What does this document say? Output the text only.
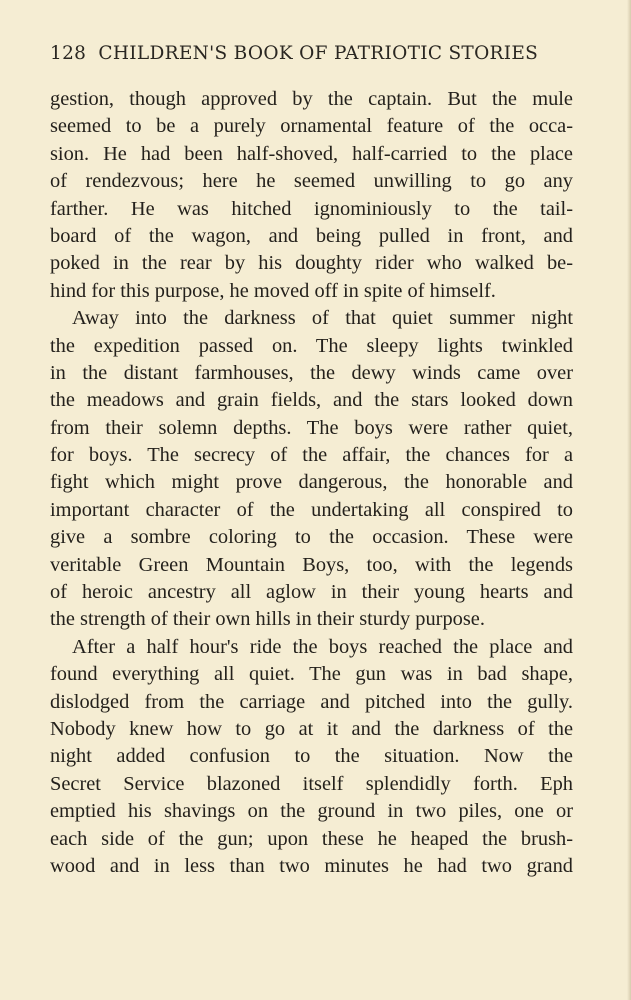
128 CHILDREN'S BOOK OF PATRIOTIC STORIES
gestion, though approved by the captain. But the mule
seemed to be a purely ornamental feature of the occa-
sion. He had been half-shoved, half-carried to the place
of rendezvous; here he seemed unwilling to go any
farther. He was hitched ignominiously to the tail-
board of the wagon, and being pulled in front, and
poked in the rear by his doughty rider who walked be-
hind for this purpose, he moved off in spite of himself.
Away into the darkness of that quiet summer night
the expedition passed on. The sleepy lights twinkled
in the distant farmhouses, the dewy winds came over
the meadows and grain fields, and the stars looked down
from their solemn depths. The boys were rather quiet,
for boys. The secrecy of the affair, the chances for a
fight which might prove dangerous, the honorable and
important character of the undertaking all conspired to
give a sombre coloring to the occasion. These were
veritable Green Mountain Boys, too, with the legends
of heroic ancestry all aglow in their young hearts and
the strength of their own hills in their sturdy purpose.
After a half hour's ride the boys reached the place and
found everything all quiet. The gun was in bad shape,
dislodged from the carriage and pitched into the gully.
Nobody knew how to go at it and the darkness of the
night added confusion to the situation. Now the
Secret Service blazoned itself splendidly forth. Eph
emptied his shavings on the ground in two piles, one or
each side of the gun; upon these he heaped the brush-
wood and in less than two minutes he had two grand
